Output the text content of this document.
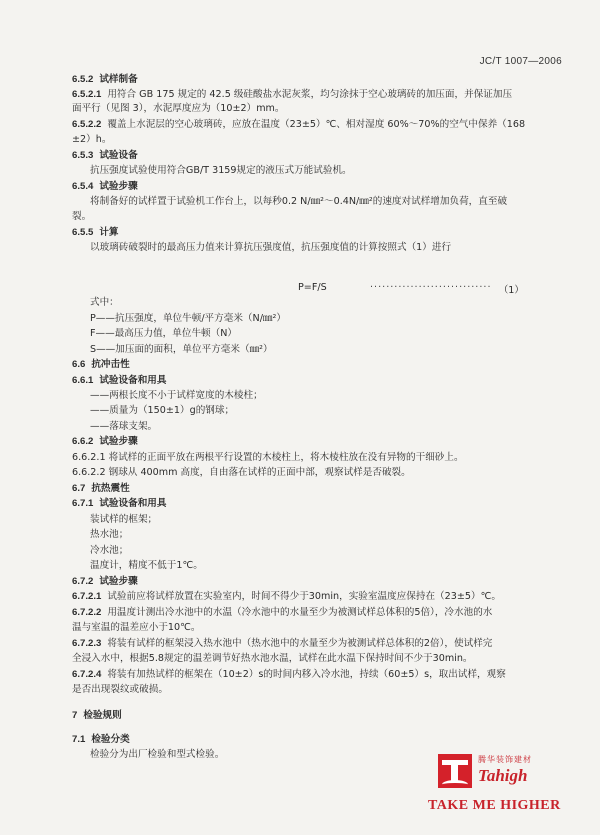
JC/T 1007—2006
6.5.2 试样制备
6.5.2.1 用符合 GB 175 规定的 42.5 级硅酸盐水泥灰浆，均匀涂抹于空心玻璃砖的加压面，并保证加压
面平行（见图 3），水泥厚度应为（10±2）mm。
6.5.2.2 覆盖上水泥层的空心玻璃砖，应放在温度（23±5）℃、相对湿度 60%～70%的空气中保养（168
±2）h。
6.5.3 试验设备
抗压强度试验使用符合GB/T 3159规定的液压式万能试验机。
6.5.4 试验步骤
将制备好的试样置于试验机工作台上，以每秒0.2 N/㎜²～0.4N/㎜²的速度对试样增加负荷，直至破
裂。
6.5.5 计算
以玻璃砖破裂时的最高压力值来计算抗压强度值，抗压强度值的计算按照式（1）进行
式中：
P——抗压强度，单位牛顿/平方毫米（N/㎜²）
F——最高压力值，单位牛顿（N）
S——加压面的面积，单位平方毫米（㎜²）
6.6 抗冲击性
6.6.1 试验设备和用具
——两根长度不小于试样宽度的木棱柱；
——质量为（150±1）g的钢球；
——落球支架。
6.6.2 试验步骤
6.6.2.1 将试样的正面平放在两根平行设置的木棱柱上，将木棱柱放在没有异物的干细砂上。
6.6.2.2 钢球从 400mm 高度，自由落在试样的正面中部，观察试样是否破裂。
6.7 抗热震性
6.7.1 试验设备和用具
装试样的框架；
热水池；
冷水池；
温度计，精度不低于1℃。
6.7.2 试验步骤
6.7.2.1 试验前应将试样放置在实验室内，时间不得少于30min，实验室温度应保持在（23±5）℃。
6.7.2.2 用温度计测出冷水池中的水温（冷水池中的水量至少为被测试样总体积的5倍），冷水池的水
温与室温的温差应小于10℃。
6.7.2.3 将装有试样的框架浸入热水池中（热水池中的水量至少为被测试样总体积的2倍），使试样完
全浸入水中，根据5.8规定的温差调节好热水池水温，试样在此水温下保持时间不少于30min。
6.7.2.4 将装有加热试样的框架在（10±2）s的时间内移入冷水池，持续（60±5）s，取出试样，观察
是否出现裂纹或破损。
7 检验规则
7.1 检验分类
检验分为出厂检验和型式检验。
P=F/S	······························ （1）
腾华装饰建材
Tahigh
TAKE ME HIGHER
